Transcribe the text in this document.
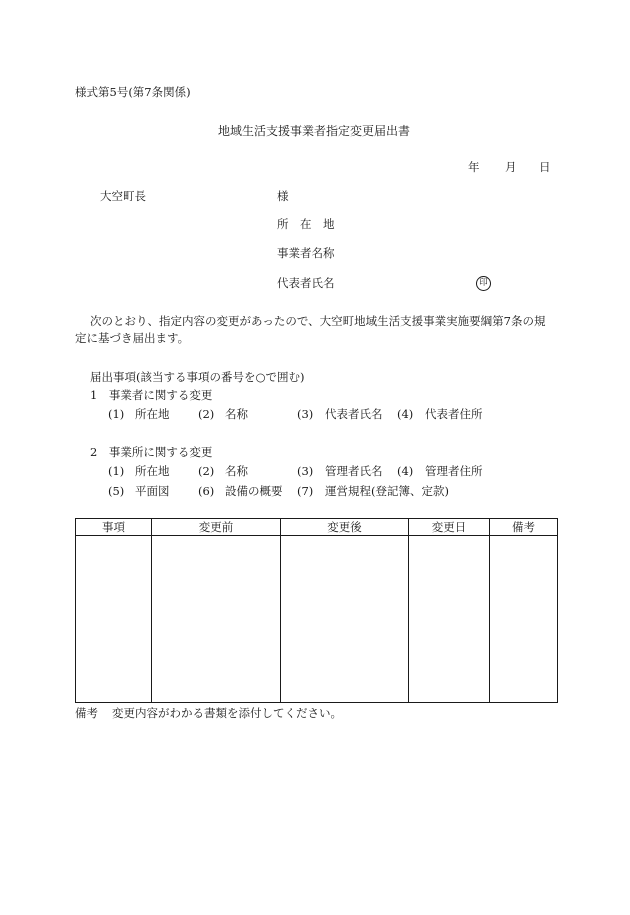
様式第5号(第7条関係)
地域生活支援事業者指定変更届出書
年 月 日
大空町長	様
所　在　地
事業者名称
代表者氏名	印
次のとおり、指定内容の変更があったので、大空町地域生活支援事業実施要綱第7条の規
定に基づき届出ます。
届出事項(該当する事項の番号を○で囲む)
1　事業者に関する変更
(1) 所在地 (2) 名称	(3) 代表者氏名 (4) 代表者住所
2　事業所に関する変更
(1) 所在地 (2) 名称	(3) 管理者氏名 (4) 管理者住所
(5) 平面図 (6) 設備の概要 (7) 運営規程(登記簿、定款)
事項	変更前	変更後	変更日	備考

備考 変更内容がわかる書類を添付してください。
